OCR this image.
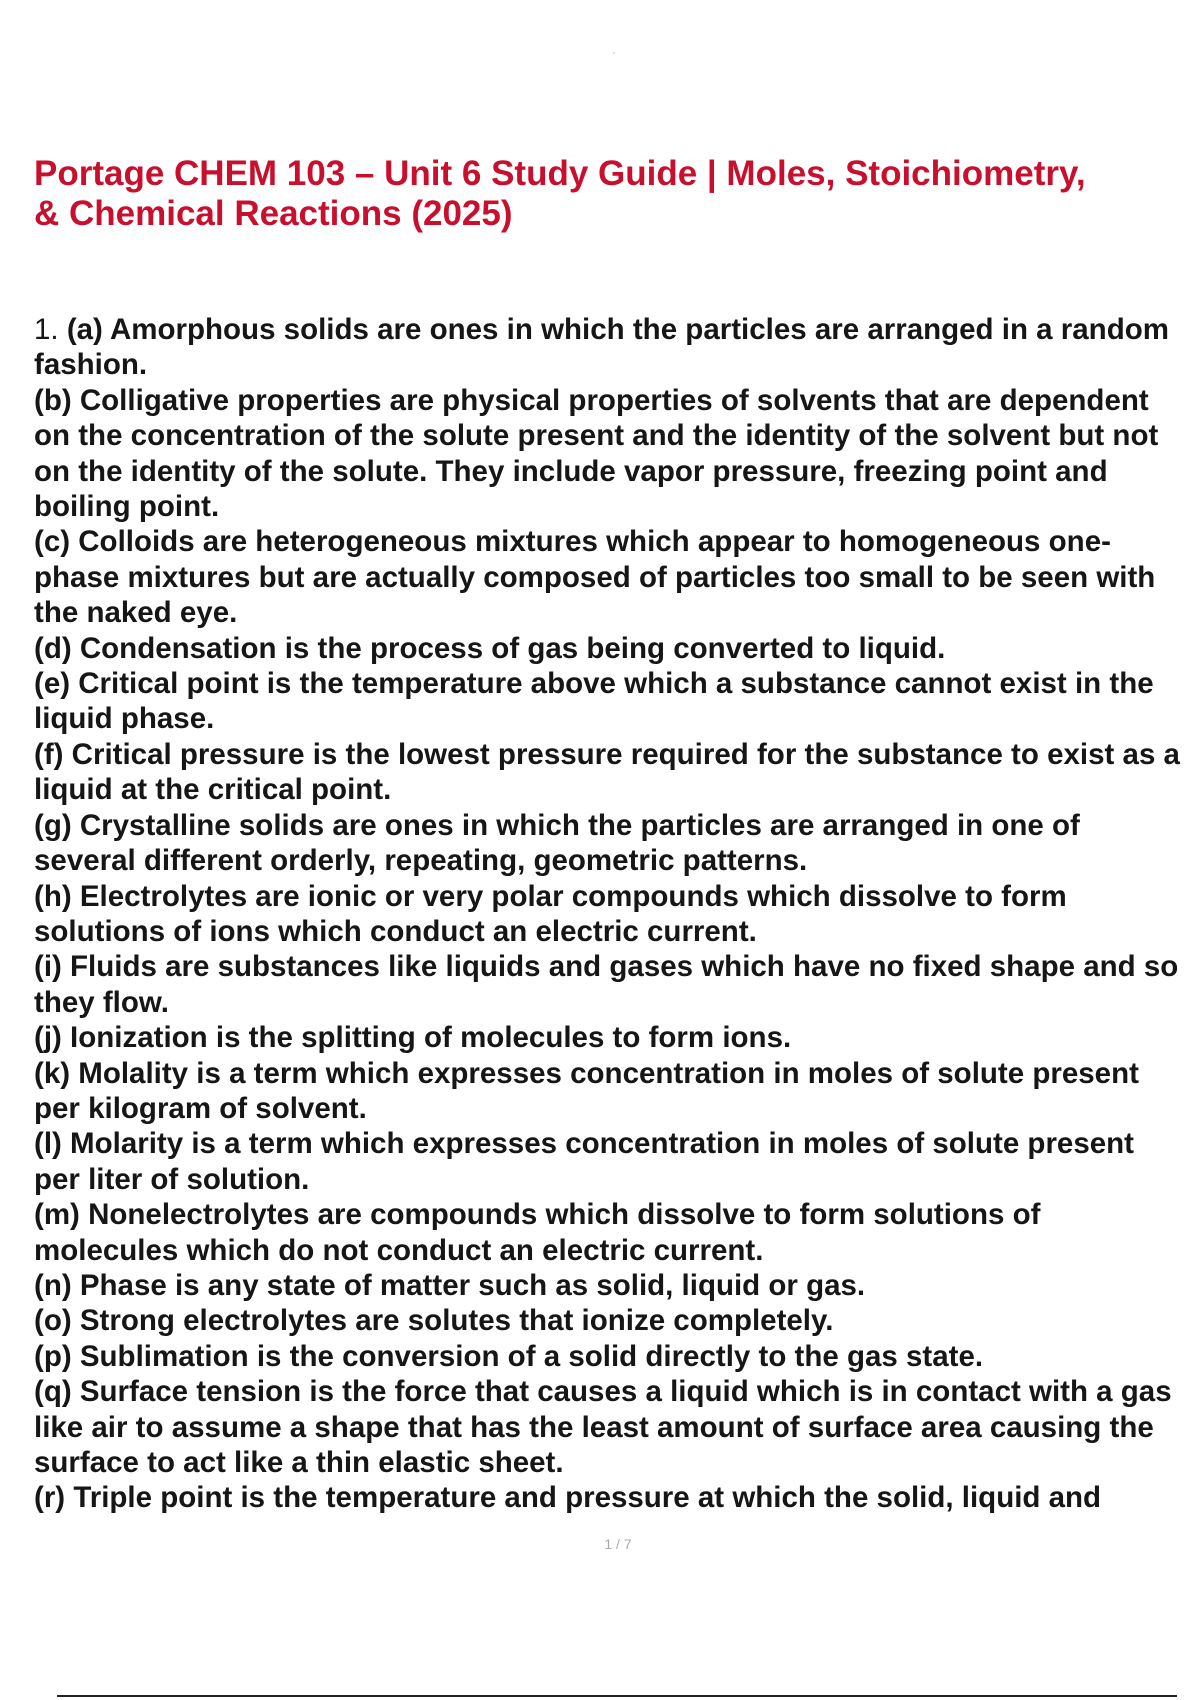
Portage CHEM 103 – Unit 6 Study Guide | Moles, Stoichiometry,
& Chemical Reactions (2025)
1. (a) Amorphous solids are ones in which the particles are arranged in a random fashion.
(b) Colligative properties are physical properties of solvents that are dependent on the concentration of the solute present and the identity of the solvent but not on the identity of the solute. They include vapor pressure, freezing point and boiling point.
(c) Colloids are heterogeneous mixtures which appear to homogeneous one-phase mixtures but are actually composed of particles too small to be seen with the naked eye.
(d) Condensation is the process of gas being converted to liquid.
(e) Critical point is the temperature above which a substance cannot exist in the liquid phase.
(f) Critical pressure is the lowest pressure required for the substance to exist as a liquid at the critical point.
(g) Crystalline solids are ones in which the particles are arranged in one of several different orderly, repeating, geometric patterns.
(h) Electrolytes are ionic or very polar compounds which dissolve to form solutions of ions which conduct an electric current.
(i) Fluids are substances like liquids and gases which have no fixed shape and so they flow.
(j) Ionization is the splitting of molecules to form ions.
(k) Molality is a term which expresses concentration in moles of solute present per kilogram of solvent.
(l) Molarity is a term which expresses concentration in moles of solute present per liter of solution.
(m) Nonelectrolytes are compounds which dissolve to form solutions of molecules which do not conduct an electric current.
(n) Phase is any state of matter such as solid, liquid or gas.
(o) Strong electrolytes are solutes that ionize completely.
(p) Sublimation is the conversion of a solid directly to the gas state.
(q) Surface tension is the force that causes a liquid which is in contact with a gas like air to assume a shape that has the least amount of surface area causing the surface to act like a thin elastic sheet.
(r) Triple point is the temperature and pressure at which the solid, liquid and
1 / 7
